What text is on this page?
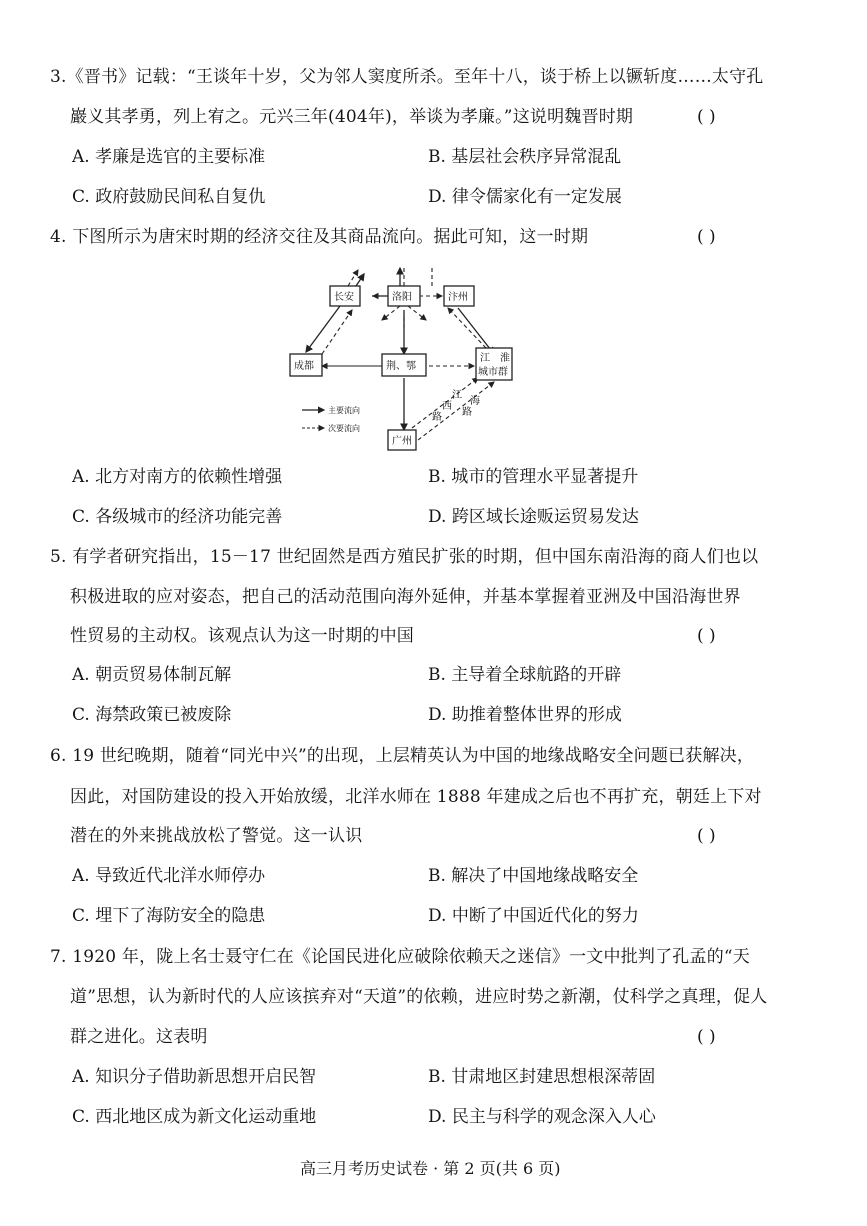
3.《晋书》记载：“王谈年十岁，父为邻人窦度所杀。至年十八，谈于桥上以镢斩度……太守孔
巖义其孝勇，列上宥之。元兴三年(404年)，举谈为孝廉。”这说明魏晋时期	( )
A. 孝廉是选官的主要标准	B. 基层社会秩序异常混乱
C. 政府鼓励民间私自复仇	D. 律令儒家化有一定发展
4. 下图所示为唐宋时期的经济交往及其商品流向。据此可知，这一时期	( )
长安	洛阳	汴州
成都	荆、鄂
江　淮
城市群
广州
江
西
路
海
路
主要流向
次要流向
A. 北方对南方的依赖性增强	B. 城市的管理水平显著提升
C. 各级城市的经济功能完善	D. 跨区域长途贩运贸易发达
5. 有学者研究指出，15－17 世纪固然是西方殖民扩张的时期，但中国东南沿海的商人们也以
积极进取的应对姿态，把自己的活动范围向海外延伸，并基本掌握着亚洲及中国沿海世界
性贸易的主动权。该观点认为这一时期的中国	( )
A. 朝贡贸易体制瓦解	B. 主导着全球航路的开辟
C. 海禁政策已被废除	D. 助推着整体世界的形成
6. 19 世纪晚期，随着“同光中兴”的出现，上层精英认为中国的地缘战略安全问题已获解决，
因此，对国防建设的投入开始放缓，北洋水师在 1888 年建成之后也不再扩充，朝廷上下对
潜在的外来挑战放松了警觉。这一认识	( )
A. 导致近代北洋水师停办	B. 解决了中国地缘战略安全
C. 埋下了海防安全的隐患	D. 中断了中国近代化的努力
7. 1920 年，陇上名士聂守仁在《论国民进化应破除依赖天之迷信》一文中批判了孔孟的“天
道”思想，认为新时代的人应该摈弃对“天道”的依赖，进应时势之新潮，仗科学之真理，促人
群之进化。这表明	( )
A. 知识分子借助新思想开启民智	B. 甘肃地区封建思想根深蒂固
C. 西北地区成为新文化运动重地	D. 民主与科学的观念深入人心
高三月考历史试卷 · 第 2 页(共 6 页)
